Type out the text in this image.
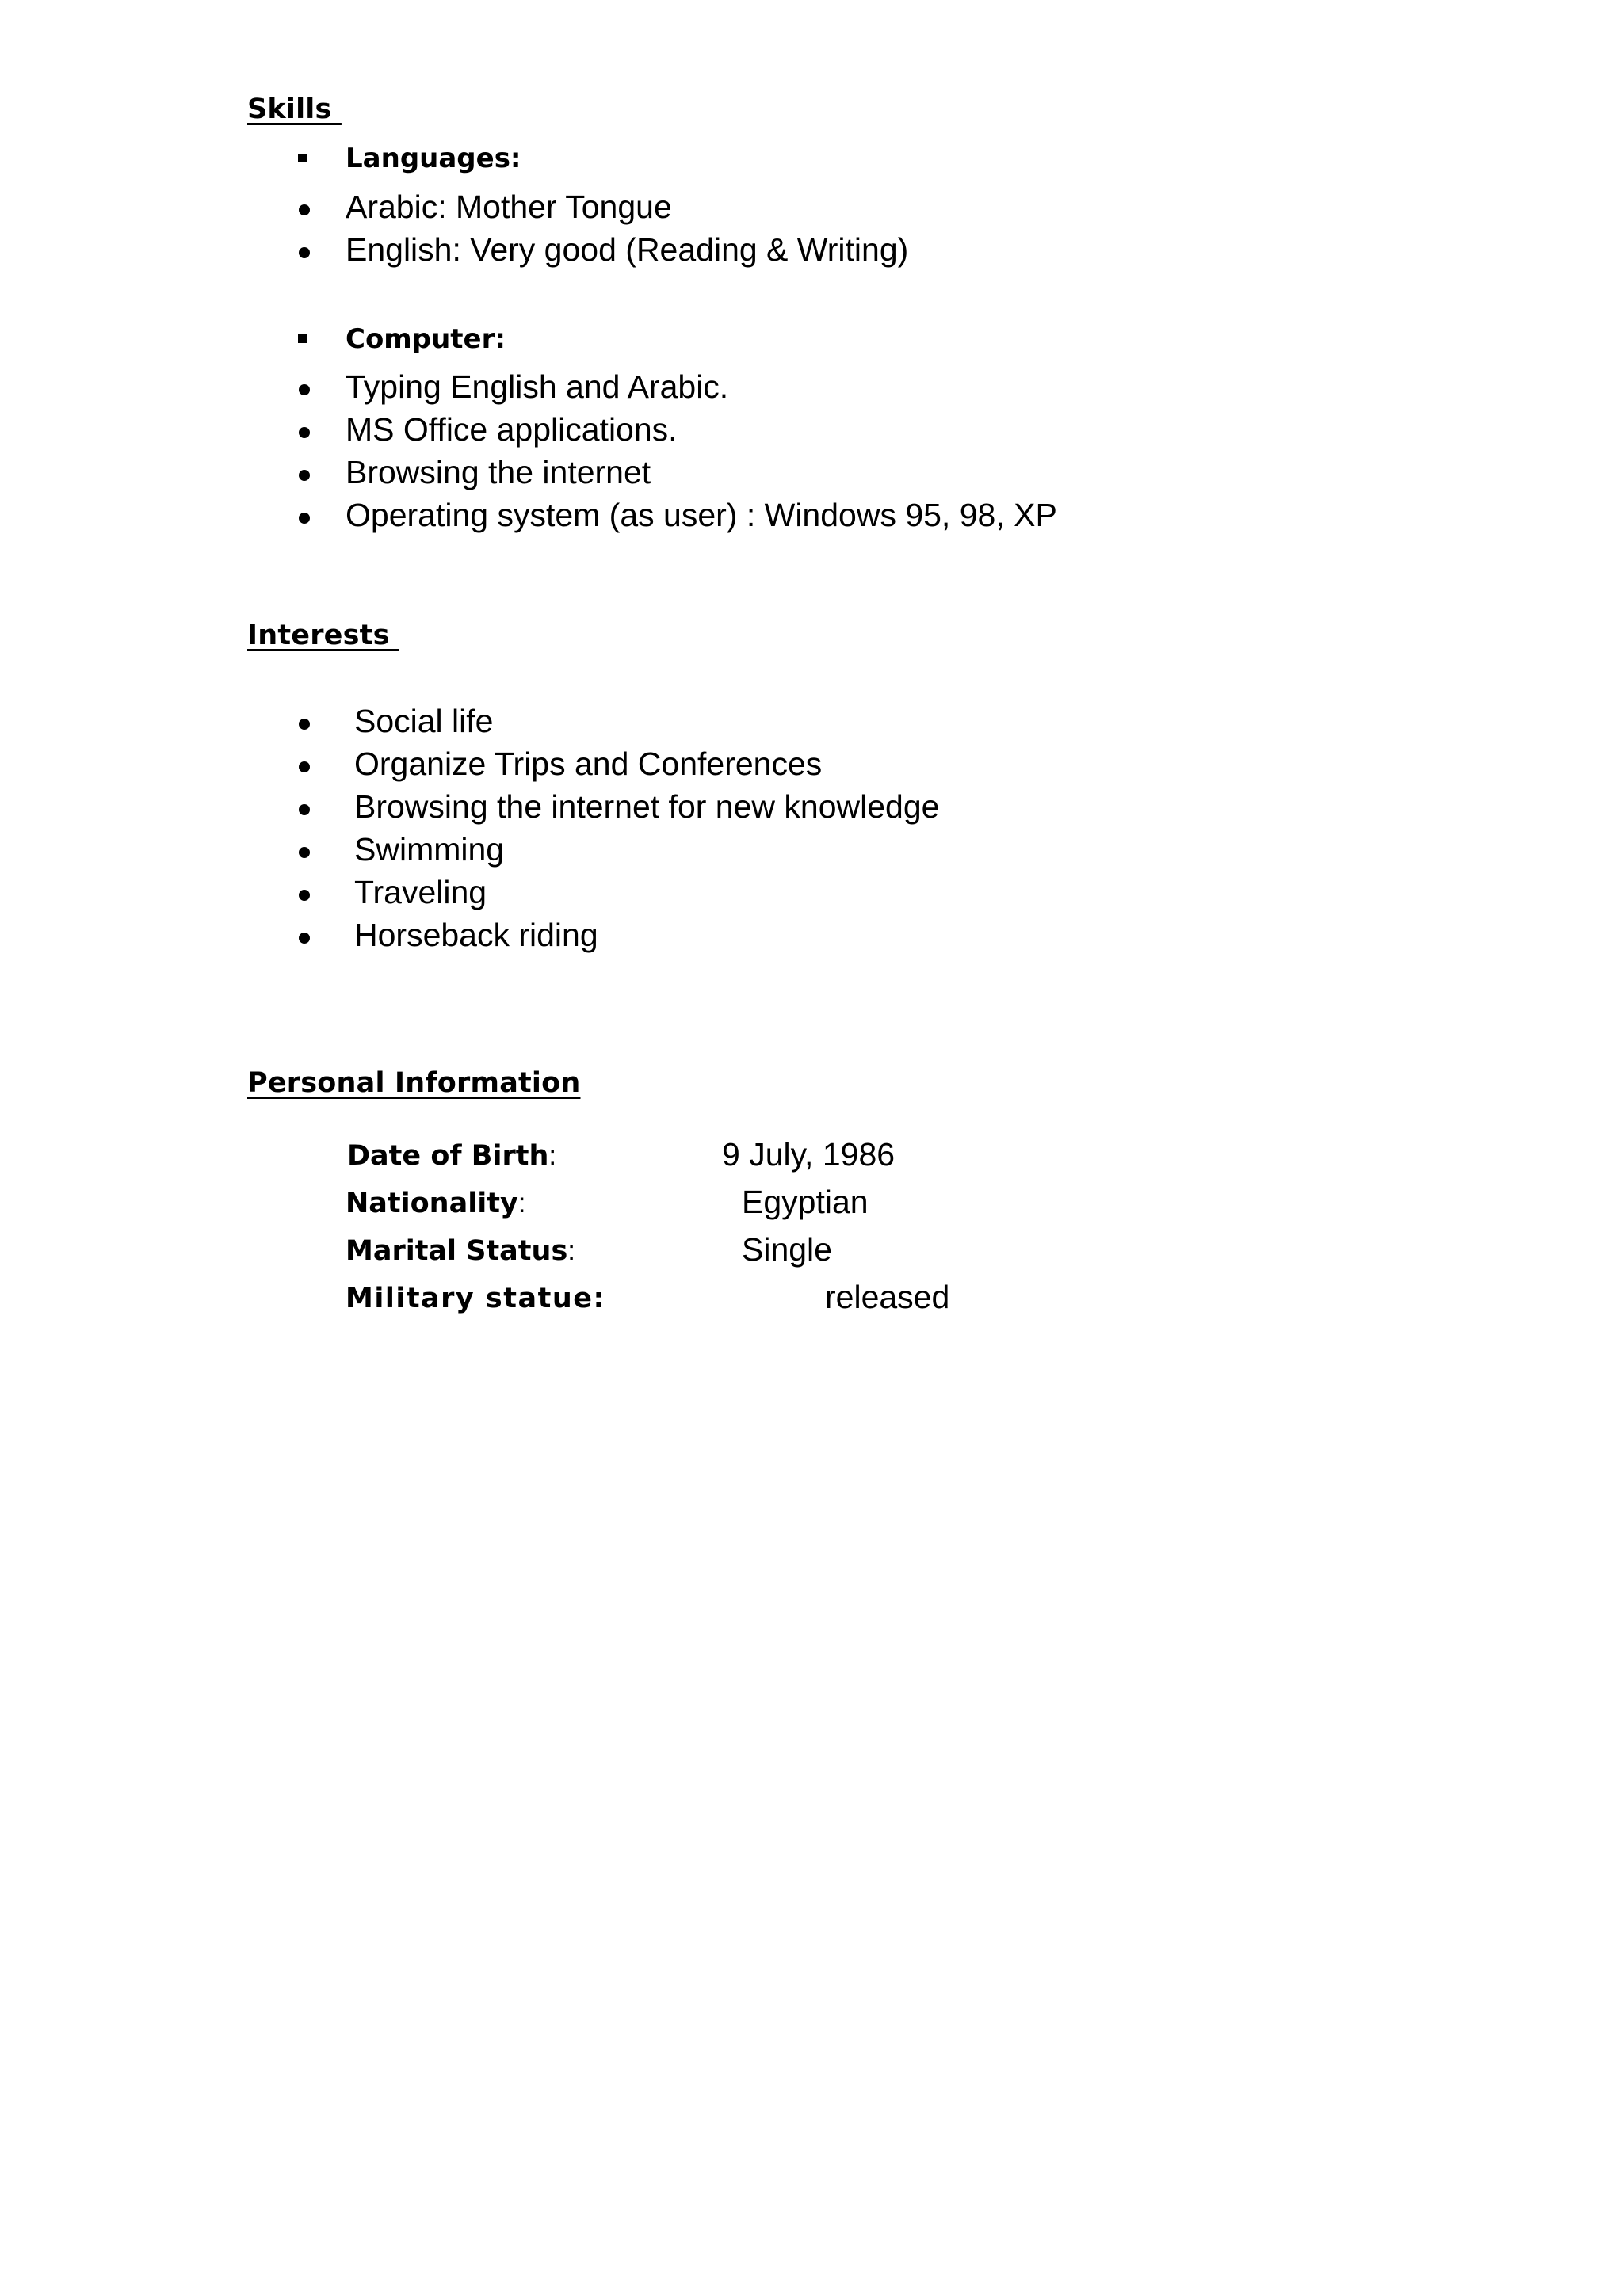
Skills
Languages:
Arabic: Mother Tongue
English: Very good (Reading & Writing)
Computer:
Typing English and Arabic.
MS Office applications.
Browsing the internet
Operating system (as user) : Windows 95, 98, XP
Interests
Social life
Organize Trips and Conferences
Browsing the internet for new knowledge
Swimming
Traveling
Horseback riding
Personal Information
Date of Birth:	9 July, 1986
Nationality:	Egyptian
Marital Status:	Single
Military statue:	released
